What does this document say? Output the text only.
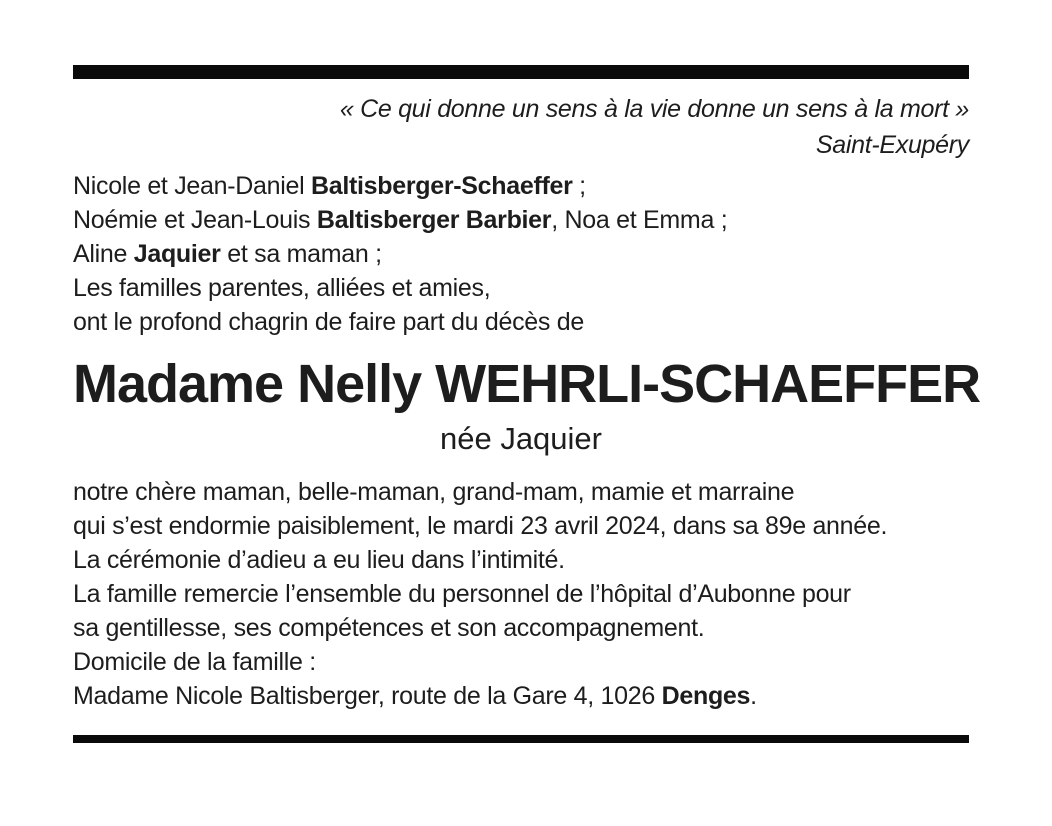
« Ce qui donne un sens à la vie donne un sens à la mort »
Saint-Exupéry
Nicole et Jean-Daniel Baltisberger-Schaeffer ;
Noémie et Jean-Louis Baltisberger Barbier, Noa et Emma ;
Aline Jaquier et sa maman ;
Les familles parentes, alliées et amies,
ont le profond chagrin de faire part du décès de
Madame Nelly WEHRLI-SCHAEFFER
née Jaquier
notre chère maman, belle-maman, grand-mam, mamie et marraine
qui s’est endormie paisiblement, le mardi 23 avril 2024, dans sa 89e année.
La cérémonie d’adieu a eu lieu dans l’intimité.
La famille remercie l’ensemble du personnel de l’hôpital d’Aubonne pour
sa gentillesse, ses compétences et son accompagnement.
Domicile de la famille :
Madame Nicole Baltisberger, route de la Gare 4, 1026 Denges.
